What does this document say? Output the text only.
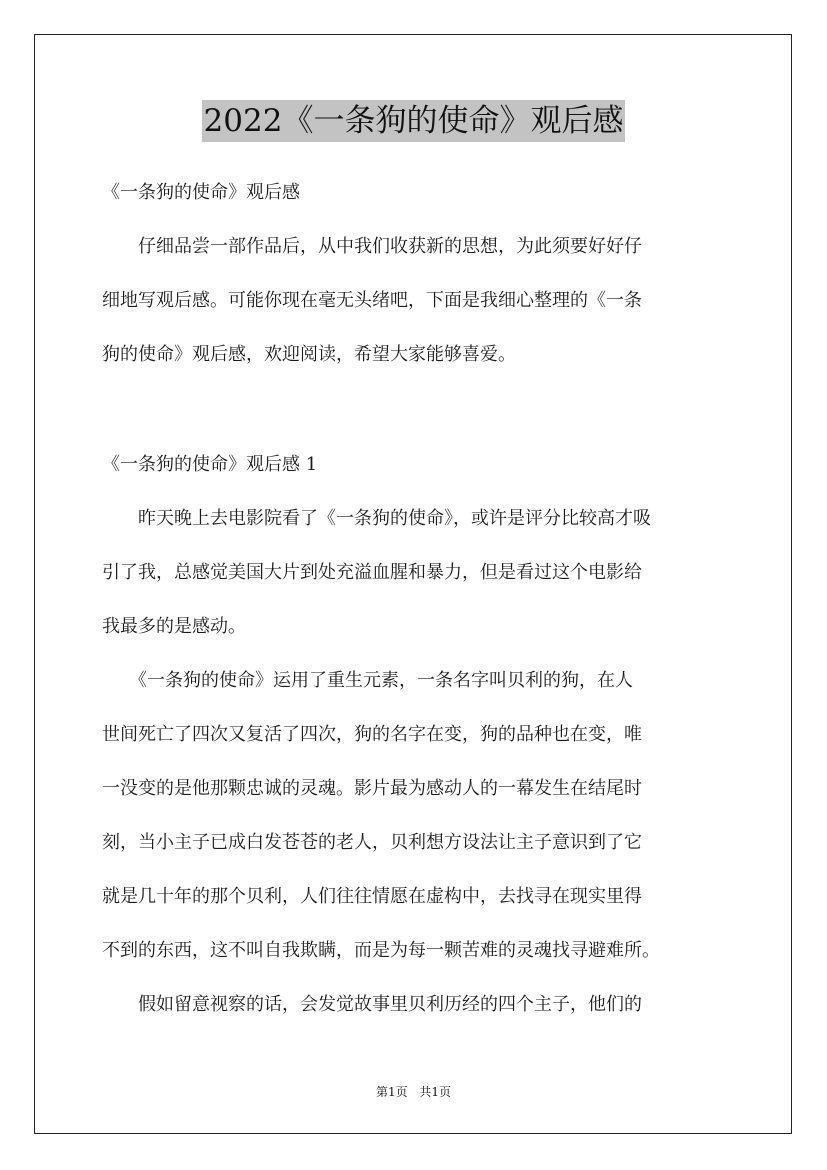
2022《一条狗的使命》观后感
《一条狗的使命》观后感
　　仔细品尝一部作品后，从中我们收获新的思想，为此须要好好仔
细地写观后感。可能你现在毫无头绪吧，下面是我细心整理的《一条
狗的使命》观后感，欢迎阅读，希望大家能够喜爱。
《一条狗的使命》观后感 1
　　昨天晚上去电影院看了《一条狗的使命》，或许是评分比较高才吸
引了我，总感觉美国大片到处充溢血腥和暴力，但是看过这个电影给
我最多的是感动。
　　《一条狗的使命》运用了重生元素，一条名字叫贝利的狗，在人
世间死亡了四次又复活了四次，狗的名字在变，狗的品种也在变，唯
一没变的是他那颗忠诚的灵魂。影片最为感动人的一幕发生在结尾时
刻，当小主子已成白发苍苍的老人，贝利想方设法让主子意识到了它
就是几十年的那个贝利，人们往往情愿在虚构中，去找寻在现实里得
不到的东西，这不叫自我欺瞒，而是为每一颗苦难的灵魂找寻避难所。
　　假如留意视察的话，会发觉故事里贝利历经的四个主子，他们的
第1页 共1页
